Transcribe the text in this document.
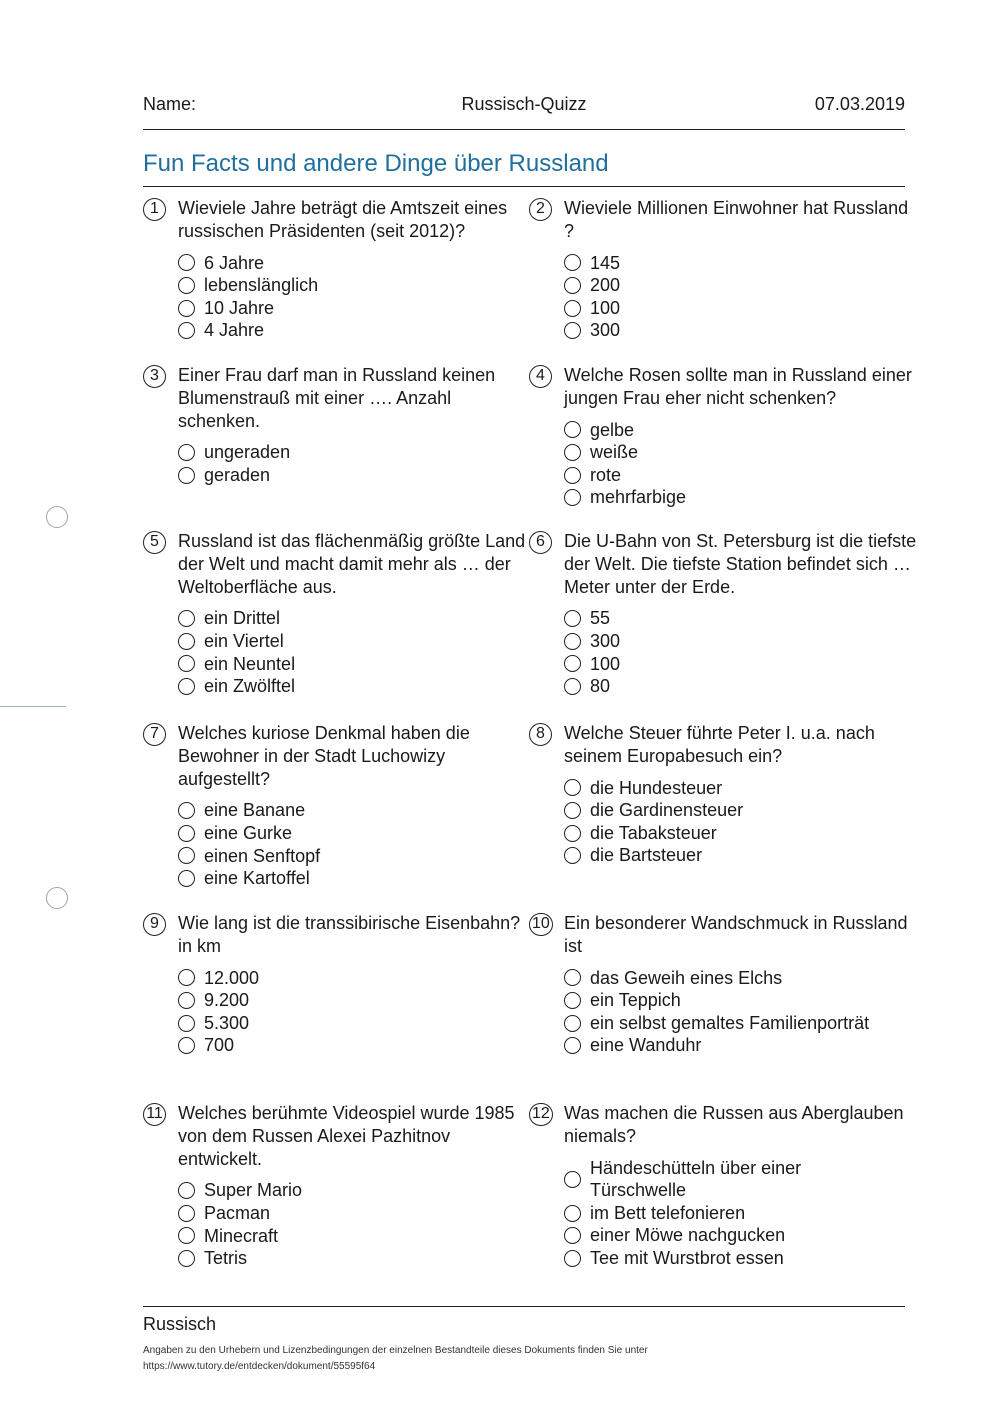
Name:	Russisch-Quizz	07.03.2019
Fun Facts und andere Dinge über Russland
1	Wieviele Jahre beträgt die Amtszeit eines russischen Präsidenten (seit 2012)?

6 Jahre
lebenslänglich
10 Jahre
4 Jahre
2	Wieviele Millionen Einwohner hat Russland ?

145
200
100
300
3	Einer Frau darf man in Russland keinen Blumenstrauß mit einer …. Anzahl schenken.

ungeraden
geraden
4	Welche Rosen sollte man in Russland einer jungen Frau eher nicht schenken?

gelbe
weiße
rote
mehrfarbige
5	Russland ist das flächenmäßig größte Land der Welt und macht damit mehr als … der Weltoberfläche aus.

ein Drittel
ein Viertel
ein Neuntel
ein Zwölftel
6	Die U-Bahn von St. Petersburg ist die tiefste der Welt. Die tiefste Station befindet sich … Meter unter der Erde.

55
300
100
80
7	Welches kuriose Denkmal haben die Bewohner in der Stadt Luchowizy aufgestellt?

eine Banane
eine Gurke
einen Senftopf
eine Kartoffel
8	Welche Steuer führte Peter I. u.a. nach seinem Europabesuch ein?

die Hundesteuer
die Gardinensteuer
die Tabaksteuer
die Bartsteuer
9	Wie lang ist die transsibirische Eisenbahn? in km

12.000
9.200
5.300
700
10 Ein besonderer Wandschmuck in Russland ist

das Geweih eines Elchs
ein Teppich
ein selbst gemaltes Familienporträt
eine Wanduhr
11 Welches berühmte Videospiel wurde 1985 von dem Russen Alexei Pazhitnov entwickelt.

Super Mario
Pacman
Minecraft
Tetris
12 Was machen die Russen aus Aberglauben niemals?

Händeschütteln über einer Türschwelle
im Bett telefonieren
einer Möwe nachgucken
Tee mit Wurstbrot essen
Russisch
Angaben zu den Urhebern und Lizenzbedingungen der einzelnen Bestandteile dieses Dokuments finden Sie unter
https://www.tutory.de/entdecken/dokument/55595f64
